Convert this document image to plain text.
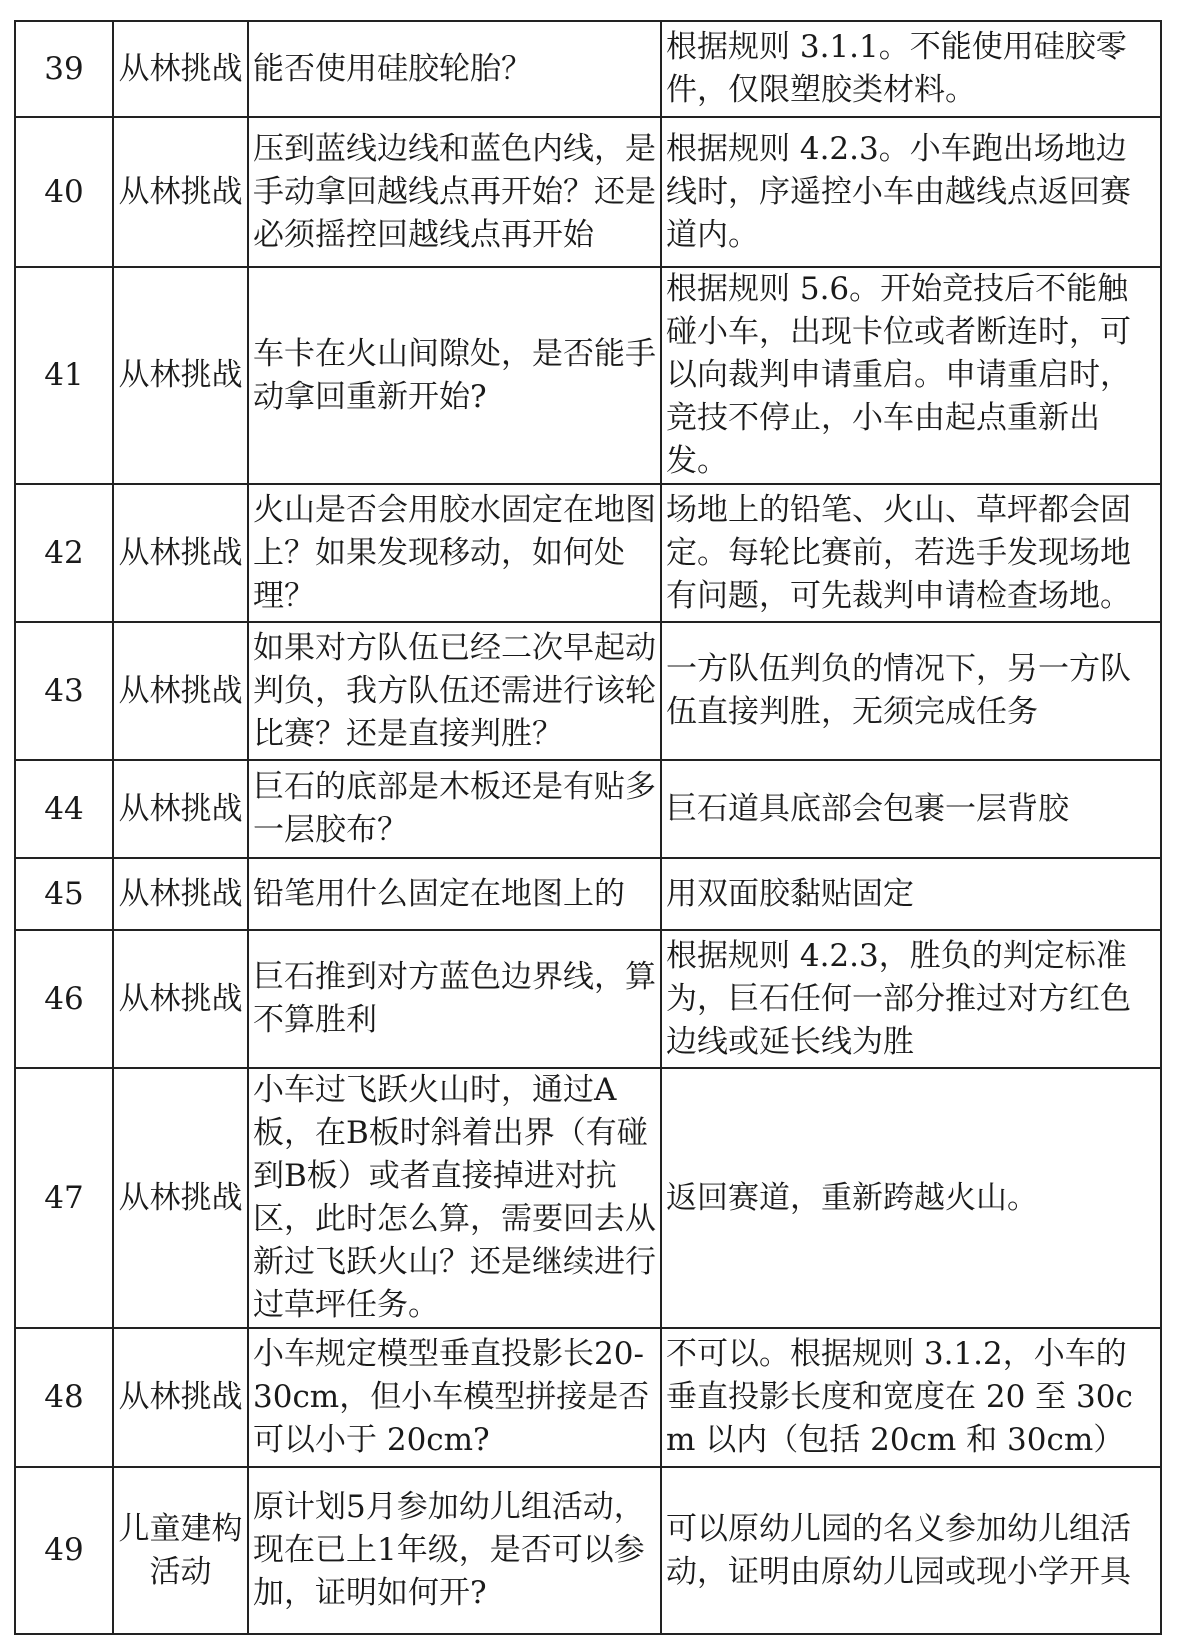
39	从林挑战	能否使用硅胶轮胎？	根据规则 3.1.1。不能使用硅胶零件，仅限塑胶类材料。
40	从林挑战	压到蓝线边线和蓝色内线，是手动拿回越线点再开始？还是必须摇控回越线点再开始	根据规则 4.2.3。小车跑出场地边线时，序遥控小车由越线点返回赛道内。
41	从林挑战	车卡在火山间隙处，是否能手动拿回重新开始?	根据规则 5.6。开始竞技后不能触碰小车，出现卡位或者断连时，可以向裁判申请重启。申请重启时，竞技不停止，小车由起点重新出发。
42	从林挑战	火山是否会用胶水固定在地图上？如果发现移动，如何处理？	场地上的铅笔、火山、草坪都会固定。每轮比赛前，若选手发现场地有问题，可先裁判申请检查场地。
43	从林挑战	如果对方队伍已经二次早起动判负，我方队伍还需进行该轮比赛？还是直接判胜？	一方队伍判负的情况下，另一方队伍直接判胜，无须完成任务
44	从林挑战	巨石的底部是木板还是有贴多一层胶布？	巨石道具底部会包裹一层背胶
45	从林挑战	铅笔用什么固定在地图上的	用双面胶黏贴固定
46	从林挑战	巨石推到对方蓝色边界线，算不算胜利	根据规则 4.2.3，胜负的判定标准为，巨石任何一部分推过对方红色边线或延长线为胜
47	从林挑战	小车过飞跃火山时，通过A板，在B板时斜着出界（有碰到B板）或者直接掉进对抗区，此时怎么算，需要回去从新过飞跃火山？还是继续进行过草坪任务。	返回赛道，重新跨越火山。
48	从林挑战	小车规定模型垂直投影长20-30cm，但小车模型拼接是否可以小于 20cm?	不可以。根据规则 3.1.2，小车的垂直投影长度和宽度在 20 至 30cm 以内（包括 20cm 和 30cm）
49	儿童建构活动	原计划5月参加幼儿组活动，现在已上1年级，是否可以参加，证明如何开?	可以原幼儿园的名义参加幼儿组活动，证明由原幼儿园或现小学开具
